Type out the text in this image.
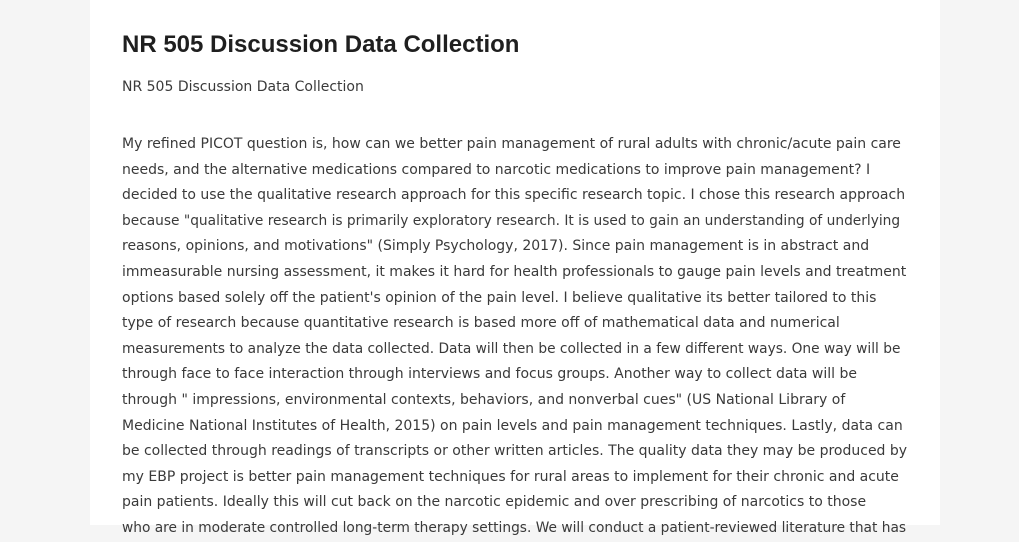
NR 505 Discussion Data Collection
NR 505 Discussion Data Collection
My refined PICOT question is, how can we better pain management of rural adults with chronic/acute pain care
needs, and the alternative medications compared to narcotic medications to improve pain management? I
decided to use the qualitative research approach for this specific research topic. I chose this research approach
because "qualitative research is primarily exploratory research. It is used to gain an understanding of underlying
reasons, opinions, and motivations" (Simply Psychology, 2017). Since pain management is in abstract and
immeasurable nursing assessment, it makes it hard for health professionals to gauge pain levels and treatment
options based solely off the patient's opinion of the pain level. I believe qualitative its better tailored to this
type of research because quantitative research is based more off of mathematical data and numerical
measurements to analyze the data collected. Data will then be collected in a few different ways. One way will be
through face to face interaction through interviews and focus groups. Another way to collect data will be
through " impressions, environmental contexts, behaviors, and nonverbal cues" (US National Library of
Medicine National Institutes of Health, 2015) on pain levels and pain management techniques. Lastly, data can
be collected through readings of transcripts or other written articles. The quality data they may be produced by
my EBP project is better pain management techniques for rural areas to implement for their chronic and acute
pain patients. Ideally this will cut back on the narcotic epidemic and over prescribing of narcotics to those
who are in moderate controlled long-term therapy settings. We will conduct a patient-reviewed literature that has
